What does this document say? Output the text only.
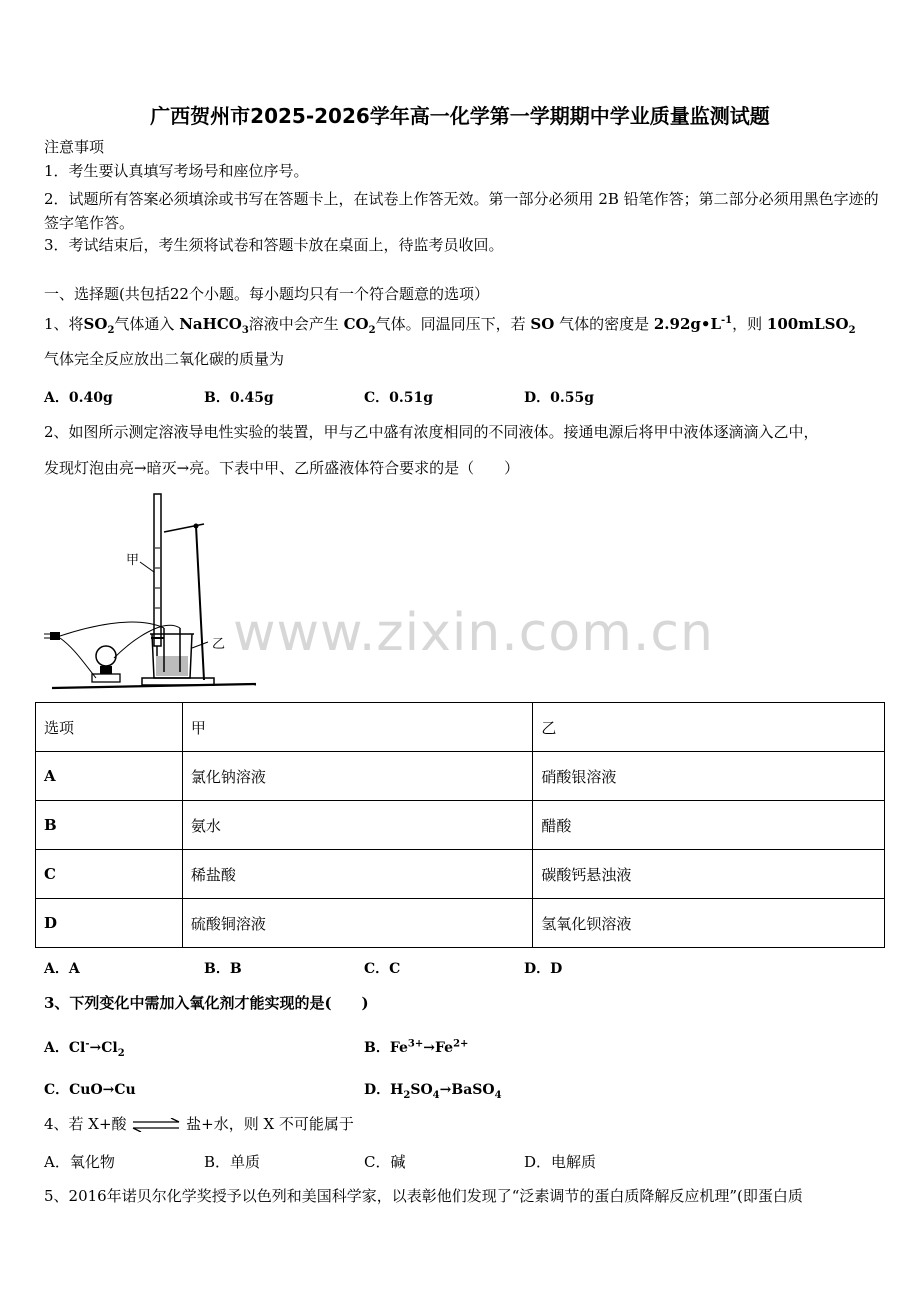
广西贺州市2025-2026学年高一化学第一学期期中学业质量监测试题
注意事项
1．考生要认真填写考场号和座位序号。
2．试题所有答案必须填涂或书写在答题卡上，在试卷上作答无效。第一部分必须用 2B 铅笔作答；第二部分必须用黑色字迹的签字笔作答。
3．考试结束后，考生须将试卷和答题卡放在桌面上，待监考员收回。
一、选择题(共包括22个小题。每小题均只有一个符合题意的选项）
1、将$SO_2$气体通入 NaHCO$_3$溶液中会产生 $CO_2$气体。同温同压下，若 SO 气体的密度是 $2.92g•L^{-1}$，则 100mLSO$_2$
气体完全反应放出二氧化碳的质量为
A．0.40g	B．0.45g	C．0.51g	D．0.55g
2、如图所示测定溶液导电性实验的装置，甲与乙中盛有浓度相同的不同液体。接通电源后将甲中液体逐滴滴入乙中，
发现灯泡由亮→暗灭→亮。下表中甲、乙所盛液体符合要求的是（　　）
甲
乙 www.zixin.com.cn
选项	甲	乙
A	氯化钠溶液	硝酸银溶液
B	氨水	醋酸
C	稀盐酸	碳酸钙悬浊液
D	硫酸铜溶液	氢氧化钡溶液
A．A	B．B	C．C	D．D
3、下列变化中需加入氧化剂才能实现的是(　　)
A．$Cl^-\to Cl_2$	B．$Fe^{3+}\to Fe^{2+}$
C．CuO→Cu	D．$H_2SO_4\to BaSO_4$
4、若 X+酸 ⇌ 盐+水，则 X 不可能属于
A．氧化物	B．单质	C．碱	D．电解质
5、2016年诺贝尔化学奖授予以色列和美国科学家，以表彰他们发现了“泛素调节的蛋白质降解反应机理”(即蛋白质
